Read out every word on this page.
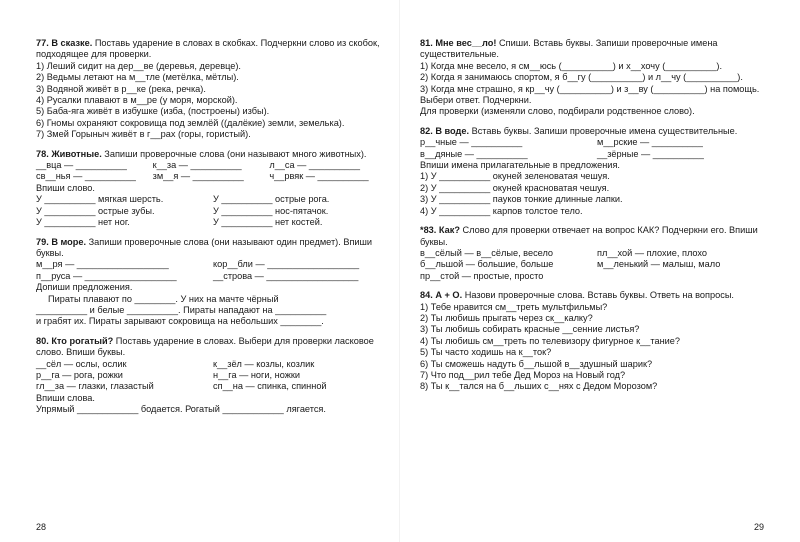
77. В сказке. Поставь ударение в словах в скобках. Подчеркни слово из скобок, подходящее для проверки.

1) Леший сидит на дер__ве (деревья, деревце).

2) Ведьмы летают на м__тле (метёлка, мётлы).

3) Водяной живёт в р__ке (река, речка).

4) Русалки плавают в м__ре (у моря, морской).

5) Баба-яга живёт в избушке (изба, (построены) избы).

6) Гномы охраняют сокровища под землёй ((далёкие) земли, земелька).

7) Змей Горыныч живёт в г__рах (горы, гористый).

78. Животные. Запиши проверочные слова (они называют много животных).

__вца — __________	к__за — __________	л__са — __________
св__нья — __________	зм__я — __________	ч__рвяк — __________

Впиши слово.

У __________ мягкая шерсть.	У __________ острые рога.
У __________ острые зубы.	У __________ нос-пятачок.
У __________ нет ног.	У __________ нет костей.

79. В море. Запиши проверочные слова (они называют один предмет). Впиши буквы.

м__ря — __________________	кор__бли — __________________
п__руса — __________________	__строва — __________________

Допиши предложения.

Пираты плавают по ________. У них на мачте чёрный

__________ и белые __________. Пираты нападают на __________

и грабят их. Пираты зарывают сокровища на небольших ________.

80. Кто рогатый? Поставь ударение в словах. Выбери для проверки ласковое слово. Впиши буквы.

__сёл — ослы, ослик	к__зёл — козлы, козлик
р__га — рога, рожки	н__га — ноги, ножки
гл__за — глазки, глазастый	сп__на — спинка, спинной

Впиши слова.

Упрямый ____________ бодается. Рогатый ____________ лягается.

28

81. Мне вес__ло! Спиши. Вставь буквы. Запиши проверочные имена существительные.

1) Когда мне весело, я см__юсь (__________) и х__хочу (__________).

2) Когда я занимаюсь спортом, я б__гу (__________) и л__чу (__________).

3) Когда мне страшно, я кр__чу (__________) и з__ву (__________) на помощь.

Выбери ответ. Подчеркни.

Для проверки (изменяли слово, подбирали родственное слово).

82. В воде. Вставь буквы. Запиши проверочные имена существительные.

р__чные — __________	м__рские — __________
в__дяные — __________	__зёрные — __________

Впиши имена прилагательные в предложения.

1) У __________ окуней зеленоватая чешуя.

2) У __________ окуней красноватая чешуя.

3) У __________ пауков тонкие длинные лапки.

4) У __________ карпов толстое тело.

*83. Как? Слово для проверки отвечает на вопрос КАК? Подчеркни его. Впиши буквы.

в__сёлый — в__сёлые, весело	пл__хой — плохие, плохо
б__льшой — большие, больше	м__ленький — малыш, мало
пр__стой — простые, просто

84. А + О. Назови проверочные слова. Вставь буквы. Ответь на вопросы.

1) Тебе нравится см__треть мультфильмы?

2) Ты любишь прыгать через ск__калку?

3) Ты любишь собирать красные __сенние листья?

4) Ты любишь см__треть по телевизору фигурное к__тание?

5) Ты часто ходишь на к__ток?

6) Ты сможешь надуть б__льшой в__здушный шарик?

7) Что под__рил тебе Дед Мороз на Новый год?

8) Ты к__тался на б__льших с__нях с Дедом Морозом?

29
